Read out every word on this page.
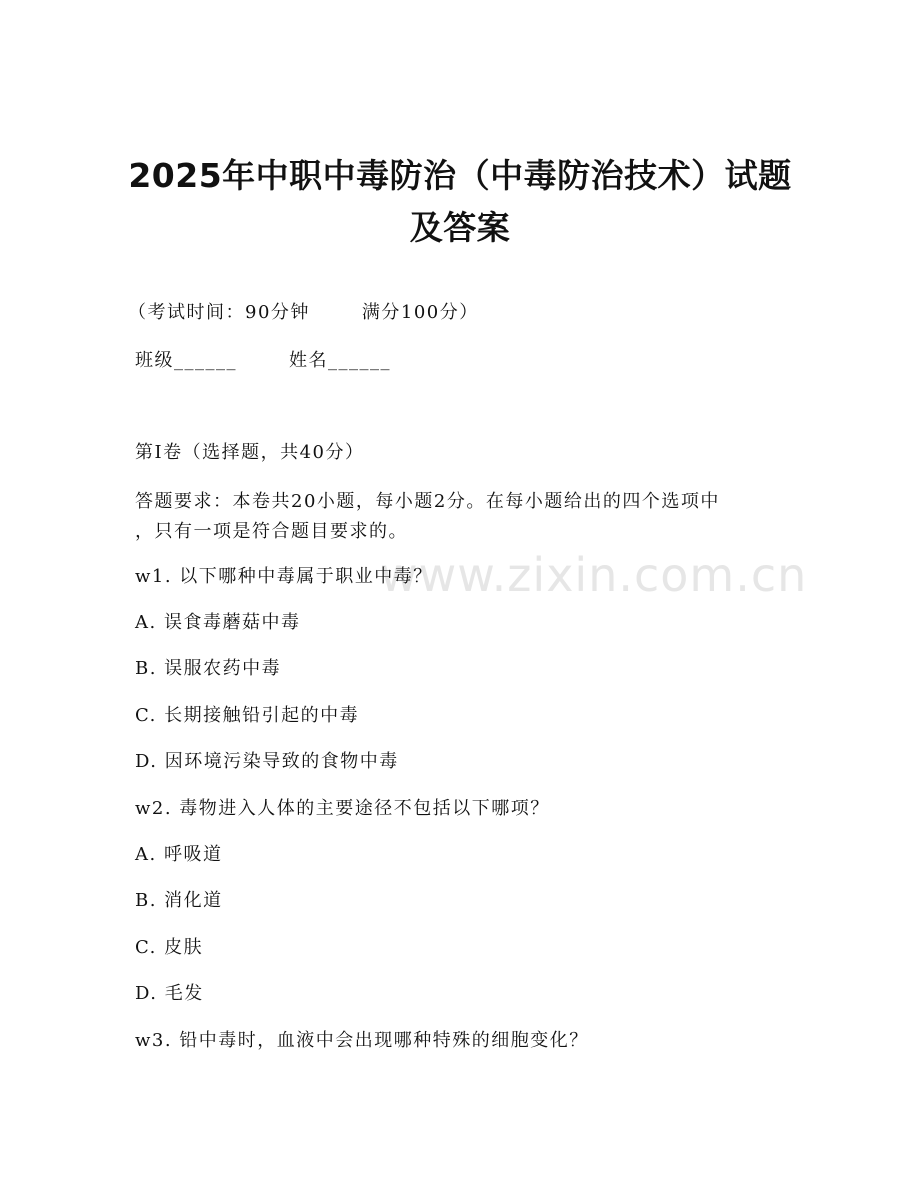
2025年中职中毒防治（中毒防治技术）试题
及答案
（考试时间：90分钟	满分100分）
班级______	姓名______
第I卷（选择题，共40分）
答题要求：本卷共20小题，每小题2分。在每小题给出的四个选项中
，只有一项是符合题目要求的。
www.zixin.com.cn
w1. 以下哪种中毒属于职业中毒？
A. 误食毒蘑菇中毒
B. 误服农药中毒
C. 长期接触铅引起的中毒
D. 因环境污染导致的食物中毒
w2. 毒物进入人体的主要途径不包括以下哪项？
A. 呼吸道
B. 消化道
C. 皮肤
D. 毛发
w3. 铅中毒时，血液中会出现哪种特殊的细胞变化？
